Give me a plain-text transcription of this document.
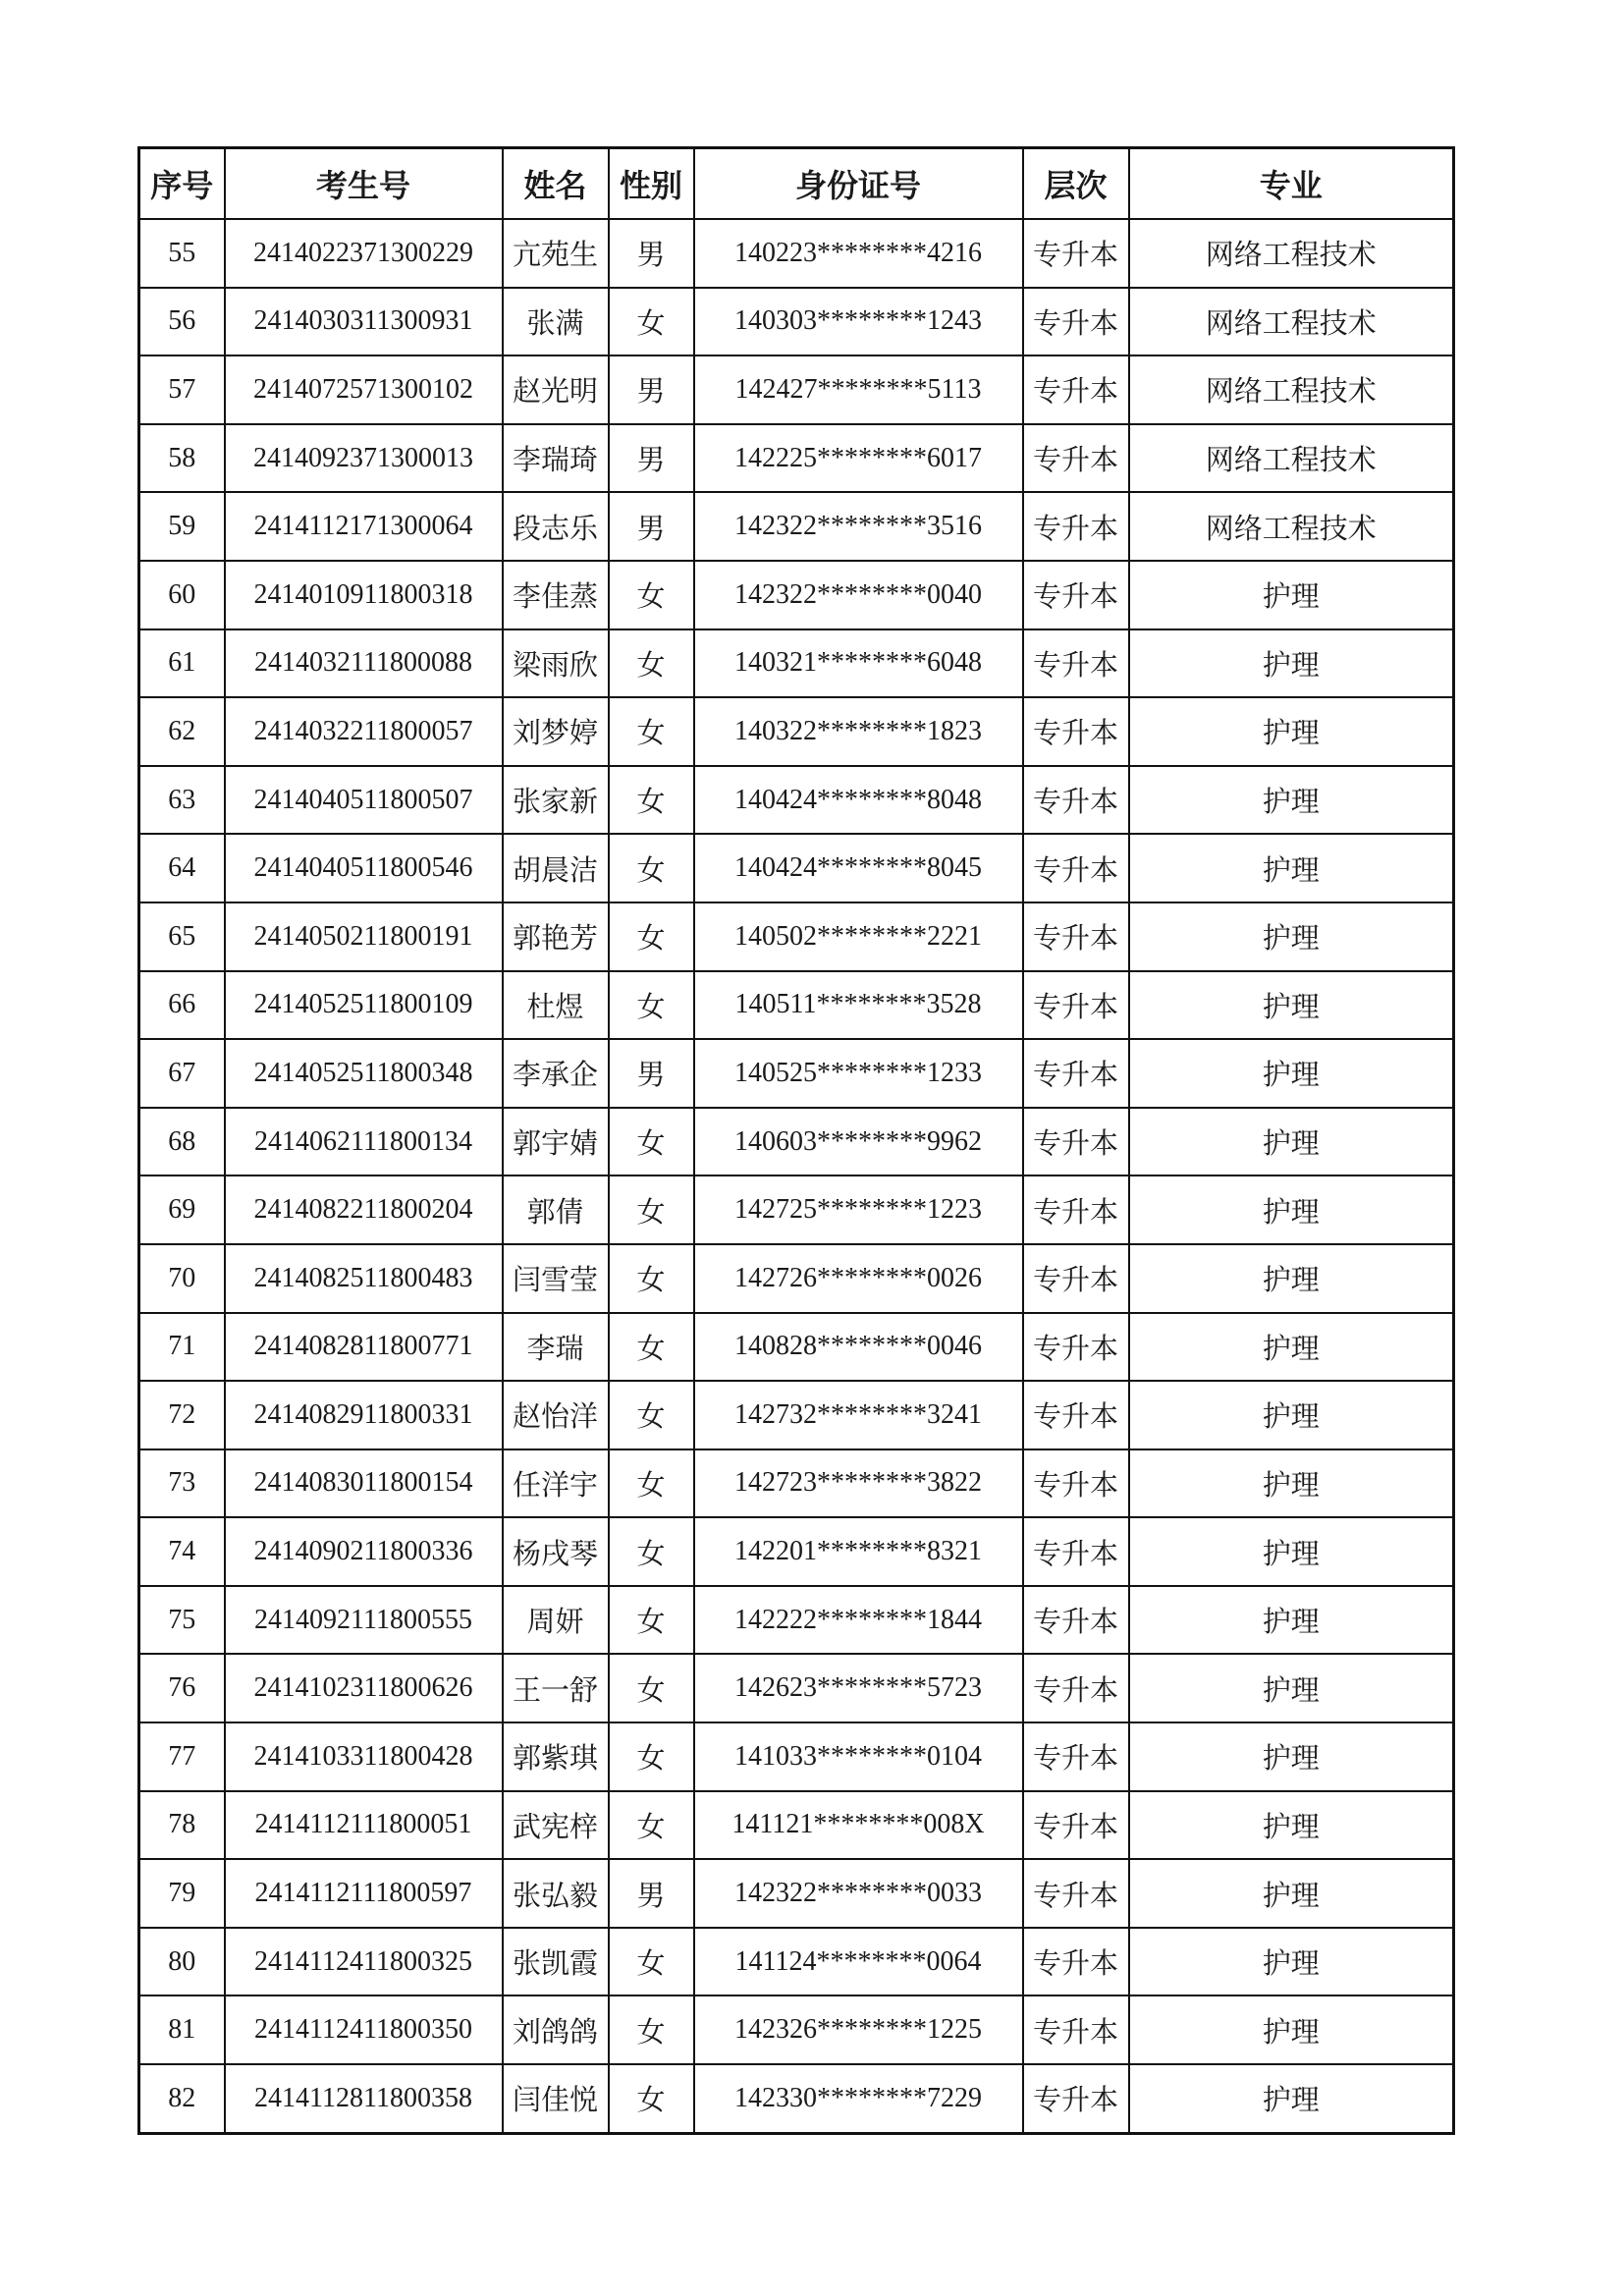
序号	考生号	姓名	性别	身份证号	层次	专业
55	2414022371300229	亢苑生	男	140223********4216	专升本	网络工程技术
56	2414030311300931	张满	女	140303********1243	专升本	网络工程技术
57	2414072571300102	赵光明	男	142427********5113	专升本	网络工程技术
58	2414092371300013	李瑞琦	男	142225********6017	专升本	网络工程技术
59	2414112171300064	段志乐	男	142322********3516	专升本	网络工程技术
60	2414010911800318	李佳蒸	女	142322********0040	专升本	护理
61	2414032111800088	梁雨欣	女	140321********6048	专升本	护理
62	2414032211800057	刘梦婷	女	140322********1823	专升本	护理
63	2414040511800507	张家新	女	140424********8048	专升本	护理
64	2414040511800546	胡晨洁	女	140424********8045	专升本	护理
65	2414050211800191	郭艳芳	女	140502********2221	专升本	护理
66	2414052511800109	杜煜	女	140511********3528	专升本	护理
67	2414052511800348	李承企	男	140525********1233	专升本	护理
68	2414062111800134	郭宇婧	女	140603********9962	专升本	护理
69	2414082211800204	郭倩	女	142725********1223	专升本	护理
70	2414082511800483	闫雪莹	女	142726********0026	专升本	护理
71	2414082811800771	李瑞	女	140828********0046	专升本	护理
72	2414082911800331	赵怡洋	女	142732********3241	专升本	护理
73	2414083011800154	任洋宇	女	142723********3822	专升本	护理
74	2414090211800336	杨戌琴	女	142201********8321	专升本	护理
75	2414092111800555	周妍	女	142222********1844	专升本	护理
76	2414102311800626	王一舒	女	142623********5723	专升本	护理
77	2414103311800428	郭紫琪	女	141033********0104	专升本	护理
78	2414112111800051	武宪梓	女	141121********008X	专升本	护理
79	2414112111800597	张弘毅	男	142322********0033	专升本	护理
80	2414112411800325	张凯霞	女	141124********0064	专升本	护理
81	2414112411800350	刘鸽鸽	女	142326********1225	专升本	护理
82	2414112811800358	闫佳悦	女	142330********7229	专升本	护理
